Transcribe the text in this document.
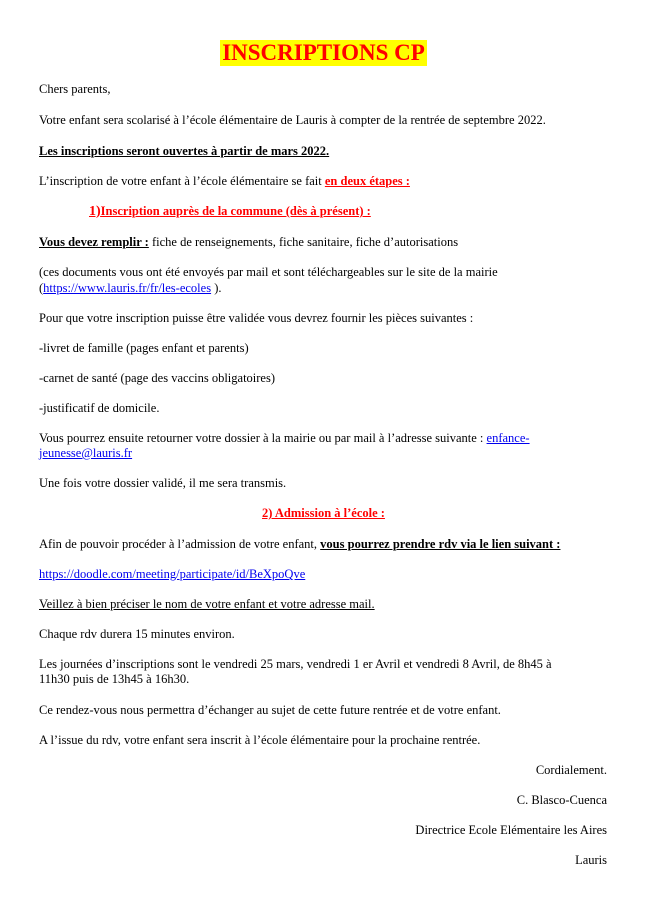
INSCRIPTIONS CP
Chers parents,
Votre enfant sera scolarisé à l’école élémentaire de Lauris à compter de la rentrée de septembre 2022.
Les inscriptions seront ouvertes à partir de mars 2022.
L’inscription de votre enfant à l’école élémentaire se fait en deux étapes :
1)Inscription auprès de la commune (dès à présent) :
Vous devez remplir : fiche de renseignements, fiche sanitaire, fiche d’autorisations
(ces documents vous ont été envoyés par mail et sont téléchargeables sur le site de la mairie
(https://www.lauris.fr/fr/les-ecoles ).
Pour que votre inscription puisse être validée vous devrez fournir les pièces suivantes :
-livret de famille (pages enfant et parents)
-carnet de santé (page des vaccins obligatoires)
-justificatif de domicile.
Vous pourrez ensuite retourner votre dossier à la mairie ou par mail à l’adresse suivante : enfance-
jeunesse@lauris.fr
Une fois votre dossier validé, il me sera transmis.
2) Admission à l’école :
Afin de pouvoir procéder à l’admission de votre enfant, vous pourrez prendre rdv via le lien suivant :
https://doodle.com/meeting/participate/id/BeXpoQve
Veillez à bien préciser le nom de votre enfant et votre adresse mail.
Chaque rdv durera 15 minutes environ.
Les journées d’inscriptions sont le vendredi 25 mars, vendredi 1 er Avril et vendredi 8 Avril, de 8h45 à
11h30 puis de 13h45 à 16h30.
Ce rendez-vous nous permettra d’échanger au sujet de cette future rentrée et de votre enfant.
A l’issue du rdv, votre enfant sera inscrit à l’école élémentaire pour la prochaine rentrée.
Cordialement.
C. Blasco-Cuenca
Directrice Ecole Elémentaire les Aires
Lauris
